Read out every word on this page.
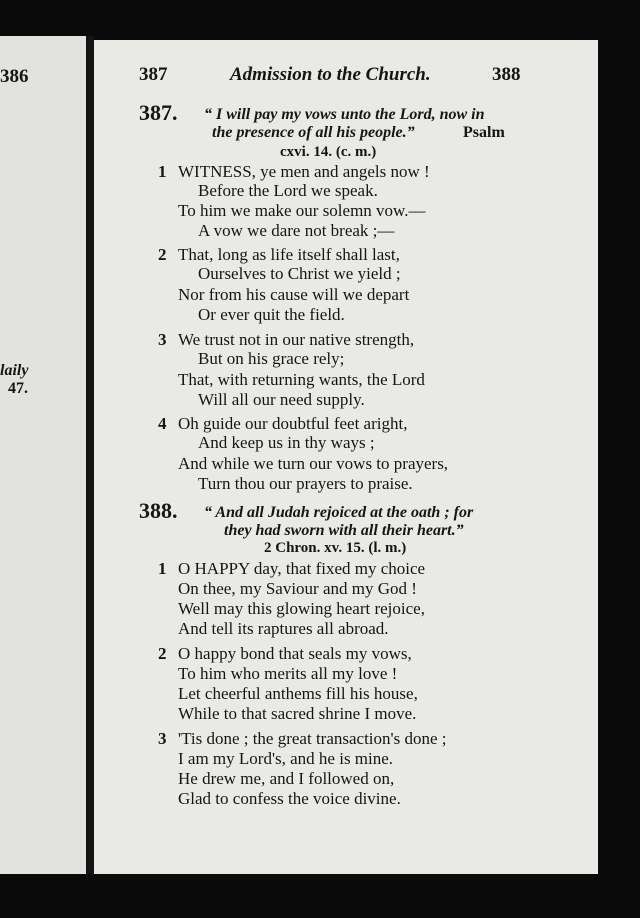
386
laily
47.
387	Admission to the Church.	388
387. “ I will pay my vows unto the Lord, now in
the presence of all his people.”	Psalm
cxvi. 14. (c. m.)
1 WITNESS, ye men and angels now !
Before the Lord we speak.
To him we make our solemn vow.—
A vow we dare not break ;—
2 That, long as life itself shall last,
Ourselves to Christ we yield ;
Nor from his cause will we depart
Or ever quit the field.
3 We trust not in our native strength,
But on his grace rely;
That, with returning wants, the Lord
Will all our need supply.
4 Oh guide our doubtful feet aright,
And keep us in thy ways ;
And while we turn our vows to prayers,
Turn thou our prayers to praise.
388. “ And all Judah rejoiced at the oath ; for
they had sworn with all their heart.”
2 Chron. xv. 15. (l. m.)
1 O HAPPY day, that fixed my choice
On thee, my Saviour and my God !
Well may this glowing heart rejoice,
And tell its raptures all abroad.
2 O happy bond that seals my vows,
To him who merits all my love !
Let cheerful anthems fill his house,
While to that sacred shrine I move.
3 'Tis done ; the great transaction's done ;
I am my Lord's, and he is mine.
He drew me, and I followed on,
Glad to confess the voice divine.
